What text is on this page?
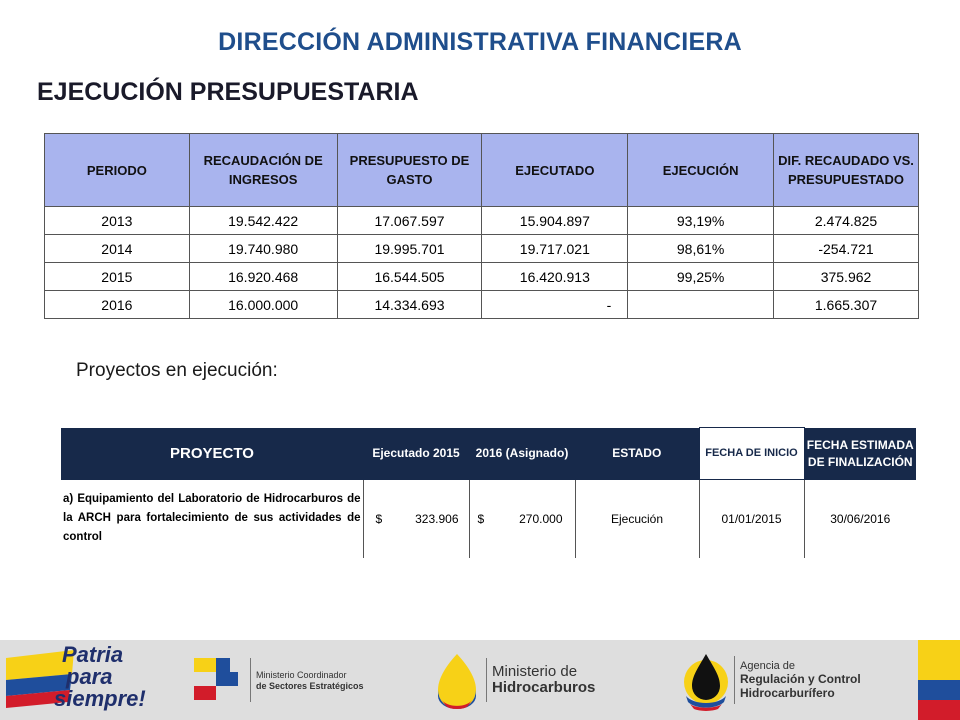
DIRECCIÓN ADMINISTRATIVA FINANCIERA
EJECUCIÓN PRESUPUESTARIA
PERIODO	RECAUDACIÓN DE INGRESOS	PRESUPUESTO DE GASTO	EJECUTADO	EJECUCIÓN	DIF. RECAUDADO VS. PRESUPUESTADO
2013	19.542.422	17.067.597	15.904.897	93,19%	2.474.825
2014	19.740.980	19.995.701	19.717.021	98,61%	-254.721
2015	16.920.468	16.544.505	16.420.913	99,25%	375.962
2016	16.000.000	14.334.693	-		1.665.307
Proyectos en ejecución:
PROYECTO	Ejecutado 2015	2016 (Asignado)	ESTADO	FECHA DE INICIO	FECHA ESTIMADA DE FINALIZACIÓN
a) Equipamiento del Laboratorio de Hidrocarburos de la ARCH para fortalecimiento de sus actividades de control	$ 323.906	$ 270.000	Ejecución	01/01/2015	30/06/2016
Patria
para
siempre!
Ministerio Coordinador
de Sectores Estratégicos
Ministerio de
Hidrocarburos
Agencia de
Regulación y Control
Hidrocarburífero
